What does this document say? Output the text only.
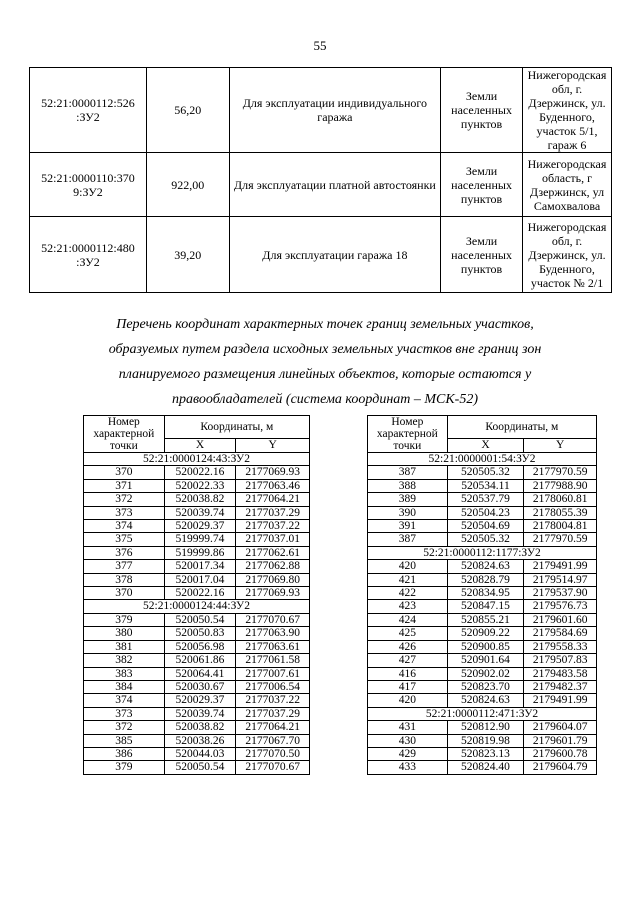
55
52:21:0000112:526 :ЗУ2	56,20	Для эксплуатации индивидуального гаража	Земли населенных пунктов	Нижегородская обл, г. Дзержинск, ул. Буденного, участок 5/1, гараж 6
52:21:0000110:370 9:ЗУ2	922,00	Для эксплуатации платной автостоянки	Земли населенных пунктов	Нижегородская область, г Дзержинск, ул Самохвалова
52:21:0000112:480 :ЗУ2	39,20	Для эксплуатации гаража 18	Земли населенных пунктов	Нижегородская обл, г. Дзержинск, ул. Буденного, участок № 2/1
Перечень координат характерных точек границ земельных участков,
образуемых путем раздела исходных земельных участков вне границ зон
планируемого размещения линейных объектов, которые остаются у
правообладателей (система координат – МСК-52)
Номер характерной точки	Координаты, м	
	X	Y
52:21:0000124:43:ЗУ2		
370	520022.16	2177069.93
371	520022.33	2177063.46
372	520038.82	2177064.21
373	520039.74	2177037.29
374	520029.37	2177037.22
375	519999.74	2177037.01
376	519999.86	2177062.61
377	520017.34	2177062.88
378	520017.04	2177069.80
370	520022.16	2177069.93
52:21:0000124:44:ЗУ2		
379	520050.54	2177070.67
380	520050.83	2177063.90
381	520056.98	2177063.61
382	520061.86	2177061.58
383	520064.41	2177007.61
384	520030.67	2177006.54
374	520029.37	2177037.22
373	520039.74	2177037.29
372	520038.82	2177064.21
385	520038.26	2177067.70
386	520044.03	2177070.50
379	520050.54	2177070.67
Номер характерной точки	Координаты, м	
	X	Y
52:21:0000001:54:ЗУ2		
387	520505.32	2177970.59
388	520534.11	2177988.90
389	520537.79	2178060.81
390	520504.23	2178055.39
391	520504.69	2178004.81
387	520505.32	2177970.59
52:21:0000112:1177:ЗУ2		
420	520824.63	2179491.99
421	520828.79	2179514.97
422	520834.95	2179537.90
423	520847.15	2179576.73
424	520855.21	2179601.60
425	520909.22	2179584.69
426	520900.85	2179558.33
427	520901.64	2179507.83
416	520902.02	2179483.58
417	520823.70	2179482.37
420	520824.63	2179491.99
52:21:0000112:471:ЗУ2		
431	520812.90	2179604.07
430	520819.98	2179601.79
429	520823.13	2179600.78
433	520824.40	2179604.79
